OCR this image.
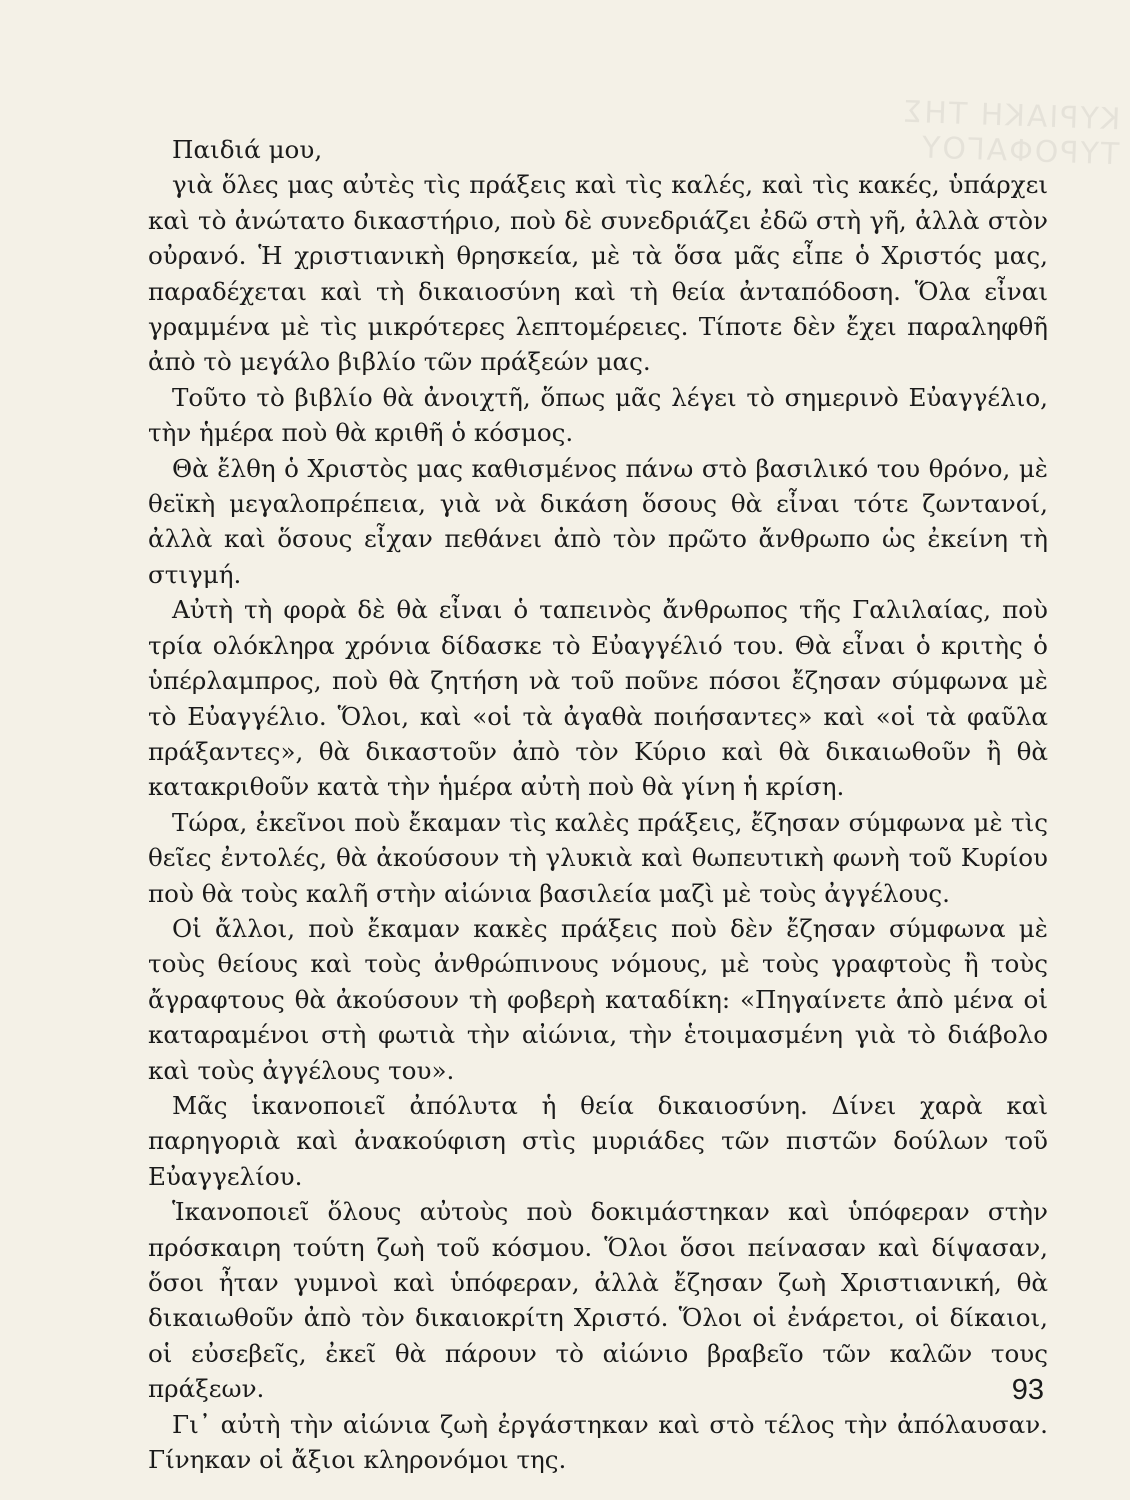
ΚΥΡΙΑΚΗ ΤΗΣ ΤΥΡΟΦΑΓΟΥ

Παιδιά μου,

γιὰ ὅλες μας αὐτὲς τὶς πράξεις καὶ τὶς καλές, καὶ τὶς κακές, ὑπάρχει καὶ τὸ ἀνώτατο δικαστήριο, ποὺ δὲ συνεδριάζει ἐδῶ στὴ γῆ, ἀλλὰ στὸν οὐρανό. Ἡ χριστιανικὴ θρησκεία, μὲ τὰ ὅσα μᾶς εἶπε ὁ Χριστός μας, παραδέχεται καὶ τὴ δικαιοσύνη καὶ τὴ θεία ἀνταπόδοση. Ὅλα εἶναι γραμμένα μὲ τὶς μικρότερες λεπτομέρειες. Τίποτε δὲν ἔχει παραληφθῆ ἀπὸ τὸ μεγάλο βιβλίο τῶν πράξεών μας.

Τοῦτο τὸ βιβλίο θὰ ἀνοιχτῆ, ὅπως μᾶς λέγει τὸ σημερινὸ Εὐαγγέλιο, τὴν ἡμέρα ποὺ θὰ κριθῆ ὁ κόσμος.

Θὰ ἔλθη ὁ Χριστὸς μας καθισμένος πάνω στὸ βασιλικό του θρόνο, μὲ θεϊκὴ μεγαλοπρέπεια, γιὰ νὰ δικάση ὅσους θὰ εἶναι τότε ζωντανοί, ἀλλὰ καὶ ὅσους εἶχαν πεθάνει ἀπὸ τὸν πρῶτο ἄνθρωπο ὡς ἐκείνη τὴ στιγμή.

Αὐτὴ τὴ φορὰ δὲ θὰ εἶναι ὁ ταπεινὸς ἄνθρωπος τῆς Γαλιλαίας, ποὺ τρία ολόκληρα χρόνια δίδασκε τὸ Εὐαγγέλιό του. Θὰ εἶναι ὁ κριτὴς ὁ ὑπέρλαμπρος, ποὺ θὰ ζητήση νὰ τοῦ ποῦνε πόσοι ἔζησαν σύμφωνα μὲ τὸ Εὐαγγέλιο. Ὅλοι, καὶ «οἱ τὰ ἀγαθὰ ποιήσαντες» καὶ «οἱ τὰ φαῦλα πράξαντες», θὰ δικαστοῦν ἀπὸ τὸν Κύριο καὶ θὰ δικαιωθοῦν ἢ θὰ κατακριθοῦν κατὰ τὴν ἡμέρα αὐτὴ ποὺ θὰ γίνη ἡ κρίση.

Τώρα, ἐκεῖνοι ποὺ ἔκαμαν τὶς καλὲς πράξεις, ἔζησαν σύμφωνα μὲ τὶς θεῖες ἐντολές, θὰ ἀκούσουν τὴ γλυκιὰ καὶ θωπευτικὴ φωνὴ τοῦ Κυρίου ποὺ θὰ τοὺς καλῆ στὴν αἰώνια βασιλεία μαζὶ μὲ τοὺς ἀγγέλους.

Οἱ ἄλλοι, ποὺ ἔκαμαν κακὲς πράξεις ποὺ δὲν ἔζησαν σύμφωνα μὲ τοὺς θείους καὶ τοὺς ἀνθρώπινους νόμους, μὲ τοὺς γραφτοὺς ἢ τοὺς ἄγραφτους θὰ ἀκούσουν τὴ φοβερὴ καταδίκη: «Πηγαίνετε ἀπὸ μένα οἱ καταραμένοι στὴ φωτιὰ τὴν αἰώνια, τὴν ἑτοιμασμένη γιὰ τὸ διάβολο καὶ τοὺς ἀγγέλους του».

Μᾶς ἱκανοποιεῖ ἀπόλυτα ἡ θεία δικαιοσύνη. Δίνει χαρὰ καὶ παρηγοριὰ καὶ ἀνακούφιση στὶς μυριάδες τῶν πιστῶν δούλων τοῦ Εὐαγγελίου.

Ἱκανοποιεῖ ὅλους αὐτοὺς ποὺ δοκιμάστηκαν καὶ ὑπόφεραν στὴν πρόσκαιρη τούτη ζωὴ τοῦ κόσμου. Ὅλοι ὅσοι πείνασαν καὶ δίψασαν, ὅσοι ἦταν γυμνοὶ καὶ ὑπόφεραν, ἀλλὰ ἔζησαν ζωὴ Χριστιανική, θὰ δικαιωθοῦν ἀπὸ τὸν δικαιοκρίτη Χριστό. Ὅλοι οἱ ἐνάρετοι, οἱ δίκαιοι, οἱ εὐσεβεῖς, ἐκεῖ θὰ πάρουν τὸ αἰώνιο βραβεῖο τῶν καλῶν τους πράξεων.

Γι᾽ αὐτὴ τὴν αἰώνια ζωὴ ἐργάστηκαν καὶ στὸ τέλος τὴν ἀπόλαυσαν. Γίνηκαν οἱ ἄξιοι κληρονόμοι της.

93
